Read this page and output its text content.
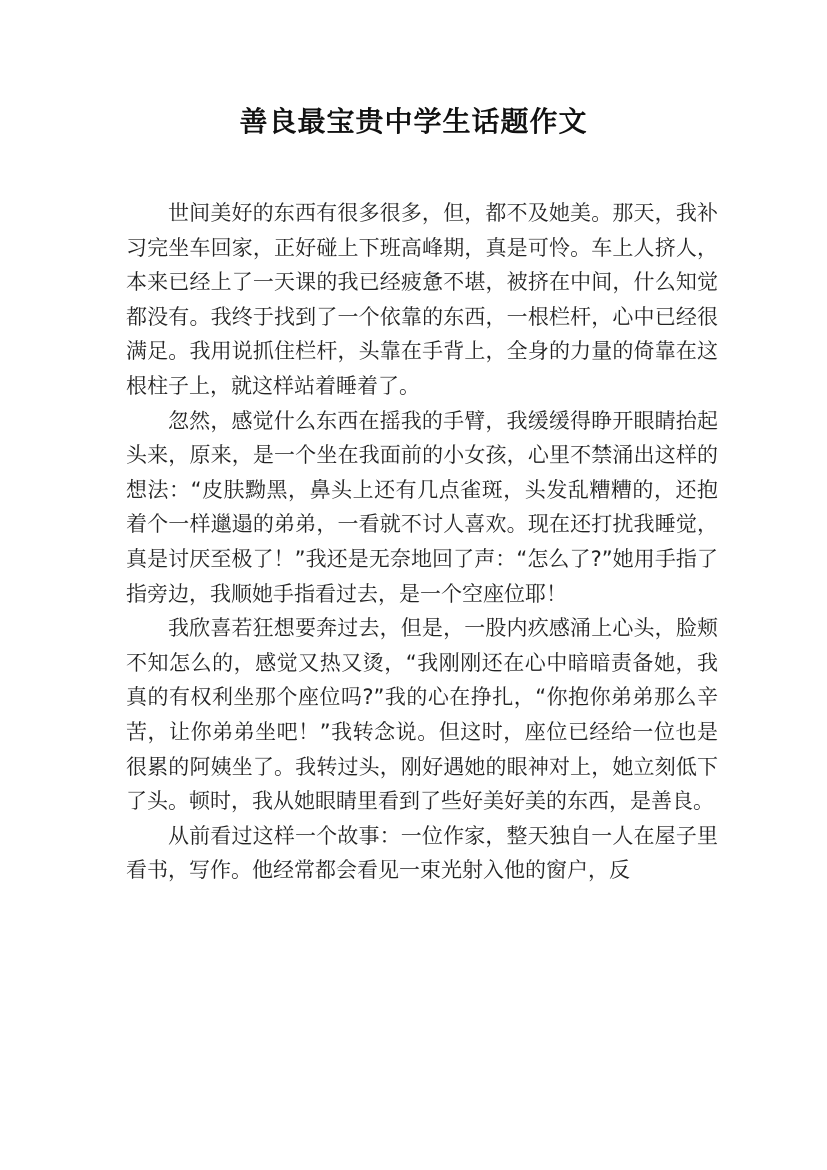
善良最宝贵中学生话题作文

世间美好的东西有很多很多，但，都不及她美。那天，我补习完坐车回家，正好碰上下班高峰期，真是可怜。车上人挤人，本来已经上了一天课的我已经疲惫不堪，被挤在中间，什么知觉都没有。我终于找到了一个依靠的东西，一根栏杆，心中已经很满足。我用说抓住栏杆，头靠在手背上，全身的力量的倚靠在这根柱子上，就这样站着睡着了。

忽然，感觉什么东西在摇我的手臂，我缓缓得睁开眼睛抬起头来，原来，是一个坐在我面前的小女孩，心里不禁涌出这样的想法：“皮肤黝黑，鼻头上还有几点雀斑，头发乱糟糟的，还抱着个一样邋遢的弟弟，一看就不讨人喜欢。现在还打扰我睡觉，真是讨厌至极了！”我还是无奈地回了声：“怎么了?”她用手指了指旁边，我顺她手指看过去，是一个空座位耶！

我欣喜若狂想要奔过去，但是，一股内疚感涌上心头，脸颊不知怎么的，感觉又热又烫，“我刚刚还在心中暗暗责备她，我真的有权利坐那个座位吗?”我的心在挣扎，“你抱你弟弟那么辛苦，让你弟弟坐吧！”我转念说。但这时，座位已经给一位也是很累的阿姨坐了。我转过头，刚好遇她的眼神对上，她立刻低下了头。顿时，我从她眼睛里看到了些好美好美的东西，是善良。

从前看过这样一个故事：一位作家，整天独自一人在屋子里看书，写作。他经常都会看见一束光射入他的窗户，反
